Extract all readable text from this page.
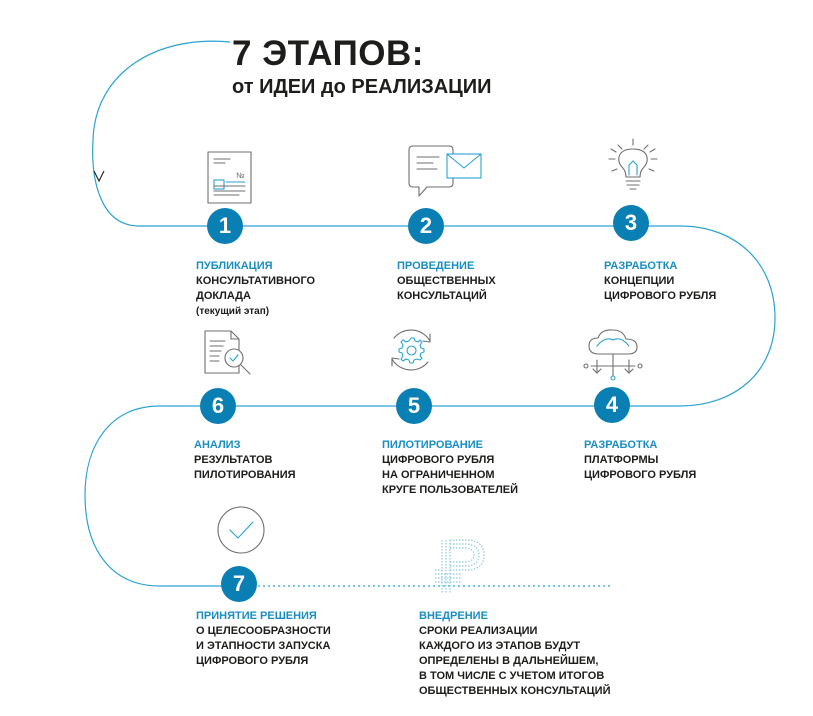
7 ЭТАПОВ:
от ИДЕИ до РЕАЛИЗАЦИИ
№
1	2	3
4
5
6
7
ПУБЛИКАЦИЯ
КОНСУЛЬТАТИВНОГО
ДОКЛАДА
(текущий этап)
ПРОВЕДЕНИЕ
ОБЩЕСТВЕННЫХ
КОНСУЛЬТАЦИЙ
РАЗРАБОТКА
КОНЦЕПЦИИ
ЦИФРОВОГО РУБЛЯ
РАЗРАБОТКА
ПЛАТФОРМЫ
ЦИФРОВОГО РУБЛЯ
ПИЛОТИРОВАНИЕ
ЦИФРОВОГО РУБЛЯ
НА ОГРАНИЧЕННОМ
КРУГЕ ПОЛЬЗОВАТЕЛЕЙ
АНАЛИЗ
РЕЗУЛЬТАТОВ
ПИЛОТИРОВАНИЯ
ПРИНЯТИЕ РЕШЕНИЯ
О ЦЕЛЕСООБРАЗНОСТИ
И ЭТАПНОСТИ ЗАПУСКА
ЦИФРОВОГО РУБЛЯ
ВНЕДРЕНИЕ
СРОКИ РЕАЛИЗАЦИИ
КАЖДОГО ИЗ ЭТАПОВ БУДУТ
ОПРЕДЕЛЕНЫ В ДАЛЬНЕЙШЕМ,
В ТОМ ЧИСЛЕ С УЧЕТОМ ИТОГОВ
ОБЩЕСТВЕННЫХ КОНСУЛЬТАЦИЙ
